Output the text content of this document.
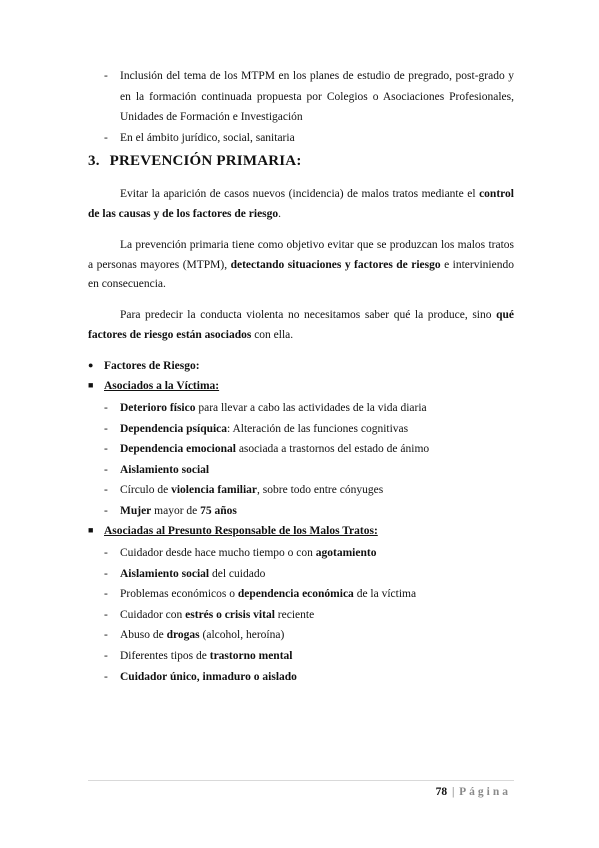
- Inclusión del tema de los MTPM en los planes de estudio de pregrado, post-grado y en la formación continuada propuesta por Colegios o Asociaciones Profesionales, Unidades de Formación e Investigación
- En el ámbito jurídico, social, sanitaria
3. PREVENCIÓN PRIMARIA:
Evitar la aparición de casos nuevos (incidencia) de malos tratos mediante el control de las causas y de los factores de riesgo.
La prevención primaria tiene como objetivo evitar que se produzcan los malos tratos a personas mayores (MTPM), detectando situaciones y factores de riesgo e interviniendo en consecuencia.
Para predecir la conducta violenta no necesitamos saber qué la produce, sino qué factores de riesgo están asociados con ella.
● Factores de Riesgo:
■ Asociados a la Víctima:
- Deterioro físico para llevar a cabo las actividades de la vida diaria
- Dependencia psíquica: Alteración de las funciones cognitivas
- Dependencia emocional asociada a trastornos del estado de ánimo
- Aislamiento social
- Círculo de violencia familiar, sobre todo entre cónyuges
- Mujer mayor de 75 años
■ Asociadas al Presunto Responsable de los Malos Tratos:
- Cuidador desde hace mucho tiempo o con agotamiento
- Aislamiento social del cuidado
- Problemas económicos o dependencia económica de la víctima
- Cuidador con estrés o crisis vital reciente
- Abuso de drogas (alcohol, heroína)
- Diferentes tipos de trastorno mental
- Cuidador único, inmaduro o aislado
78 | Página
